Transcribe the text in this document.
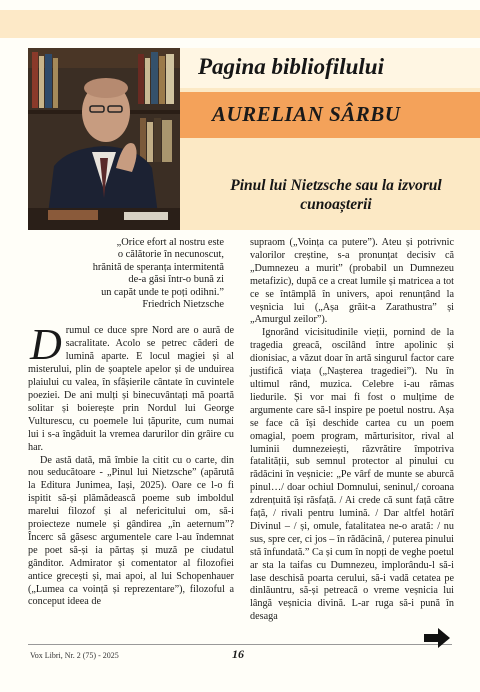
Pagina bibliofilului
AURELIAN SÂRBU
Pinul lui Nietzsche sau la izvorul cunoașterii
„Orice efort al nostru este
o călătorie în necunoscut,
hrănită de speranța intermitentă
de-a găsi într-o bună zi
un capăt unde te poți odihni.”
Friedrich Nietzsche
D rumul ce duce spre Nord are o aură de sacralitate. Acolo se petrec căderi de lumină aparte. E locul magiei și al misterului, plin de șoaptele apelor și de unduirea plaiului cu valea, în sfâșierile cântate în cuvintele poeziei. De ani mulți și binecuvântați mă poartă solitar și boierește prin Nordul lui George Vulturescu, cu poemele lui țăpurite, cum numai lui i s-a îngăduit la vremea darurilor din grâire cu har.

De astă dată, mă îmbie la citit cu o carte, din nou seducătoare - „Pinul lui Nietzsche” (apărută la Editura Junimea, Iași, 2025). Oare ce l-o fi ispitit să-și plămădească poeme sub imboldul marelui filozof și al nefericitului om, să-i proiecteze numele și gândirea „în aeternum”? Încerc să găsesc argumentele care l-au îndemnat pe poet să-și ia părtaș și muză pe ciudatul gânditor. Admirator și comentator al filozofiei antice grecești și, mai apoi, al lui Schopenhauer („Lumea ca voință și reprezentare”), filozoful a conceput ideea de

supraom („Voința ca putere”). Ateu și potrivnic valorilor creștine, s-a pronunțat decisiv că „Dumnezeu a murit” (probabil un Dumnezeu metafizic), după ce a creat lumile și matricea a tot ce se întâmplă în univers, apoi renunțând la veșnicia lui („Așa grăit-a Zarathustra” și „Amurgul zeilor”).

Ignorând vicisitudinile vieții, pornind de la tragedia greacă, oscilând între apolinic și dionisiac, a văzut doar în artă singurul factor care justifică viața („Nașterea tragediei”). Nu în ultimul rând, muzica. Celebre i-au rămas liedurile. Și vor mai fi fost o mulțime de argumente care să-l inspire pe poetul nostru. Așa se face că își deschide cartea cu un poem omagial, poem program, mărturisitor, rival al luminii dumnezeiești, răzvrătire împotriva fatalității, sub semnul protector al pinului cu rădăcini în veșnicie: „Pe vârf de munte se aburcă pinul…/ doar ochiul Domnului, seninul,/ coroana zdrențuită își răsfață. / Ai crede că sunt față către față, / rivali pentru lumină. / Dar altfel hotărî Divinul – / și, omule, fatalitatea ne-o arată: / nu sus, spre cer, ci jos – în rădăcină, / puterea pinului stă înfundată.” Ca și cum în nopți de veghe poetul ar sta la taifas cu Dumnezeu, implorându-l să-i lase deschisă poarta cerului, să-i vadă cetatea pe dinlăuntru, să-și petreacă o vreme veșnicia lui lângă veșnicia divină. L-ar ruga să-i pună în desaga

Vox Libri, Nr. 2 (75) - 2025	16
